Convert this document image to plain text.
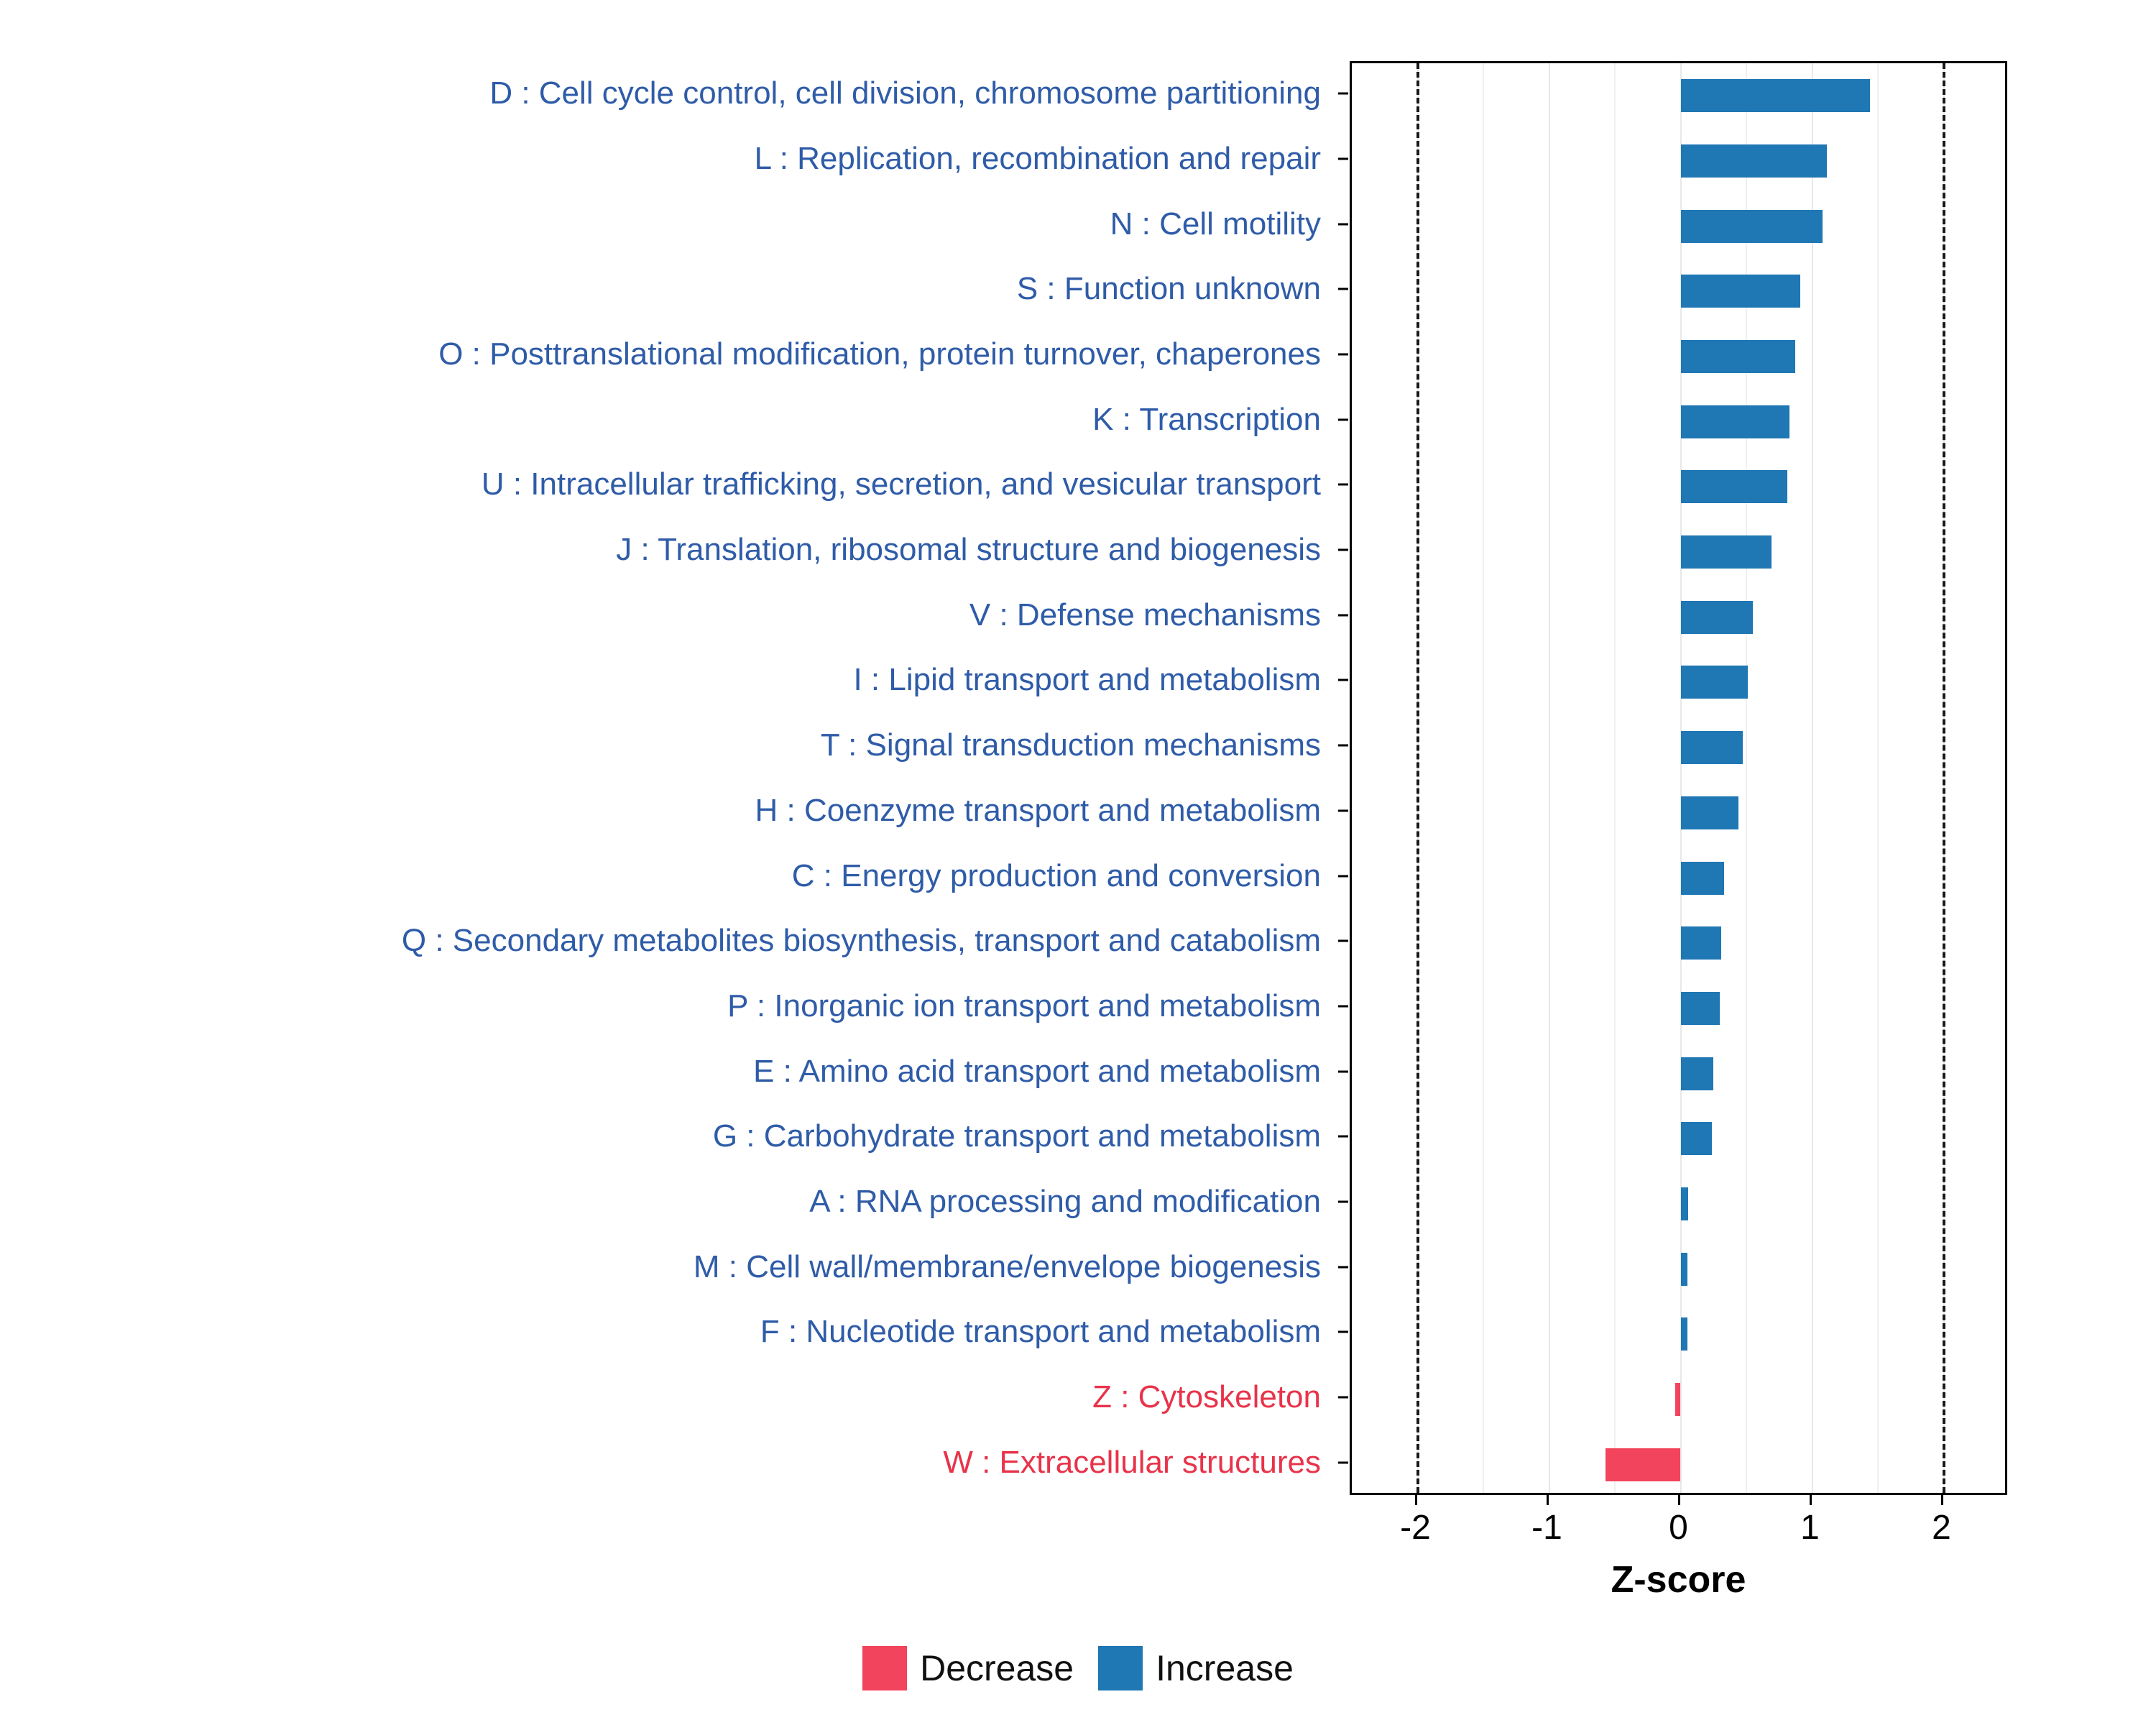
D : Cell cycle control, cell division, chromosome partitioning
L : Replication, recombination and repair
N : Cell motility
S : Function unknown
O : Posttranslational modification, protein turnover, chaperones
K : Transcription
U : Intracellular trafficking, secretion, and vesicular transport
J : Translation, ribosomal structure and biogenesis
V : Defense mechanisms
I : Lipid transport and metabolism
T : Signal transduction mechanisms
H : Coenzyme transport and metabolism
C : Energy production and conversion
Q : Secondary metabolites biosynthesis, transport and catabolism
P : Inorganic ion transport and metabolism
E : Amino acid transport and metabolism
G : Carbohydrate transport and metabolism
A : RNA processing and modification
M : Cell wall/membrane/envelope biogenesis
F : Nucleotide transport and metabolism
Z : Cytoskeleton
W : Extracellular structures
Z-score
Decrease Increase
-2	-1	0	1	2
